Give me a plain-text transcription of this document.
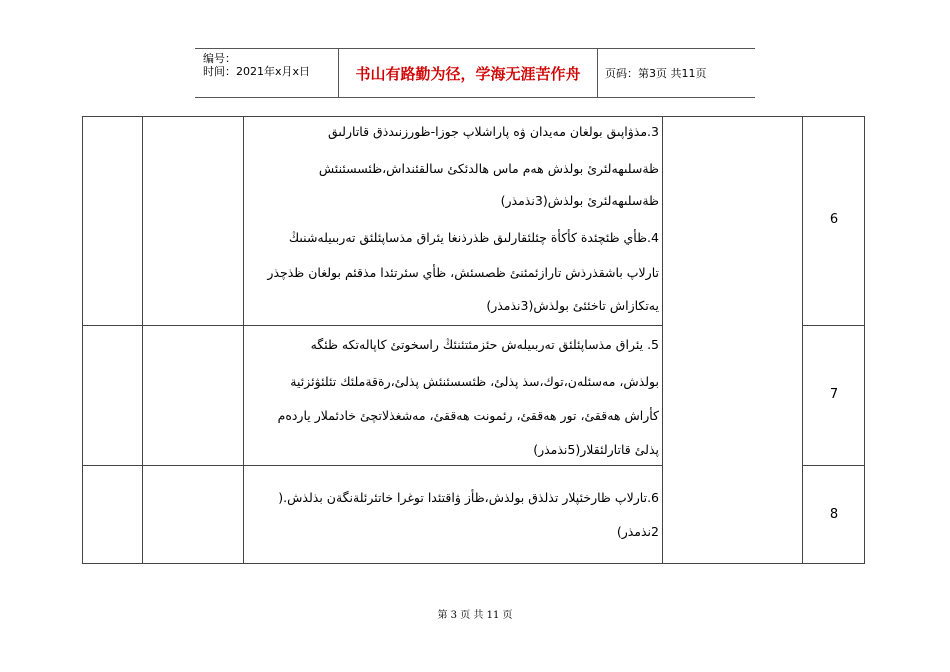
编号：
时间：2021年x月x日	书山有路勤为径，学海无涯苦作舟	页码：第3页 共11页
3.مذۋاپىق بولغان مەيدان ۋە پاراشلاپ جوزا-ظورزنىدذق قاتارلىق
ظةسلىهەلئرئ بولذش هەم ماس هالدئكئ سالقئنداش،ظئسسئنئش
ظةسلىهەلئرئ بولذش(3نذمذر)
4.ظأي ظئچئدة كأكأة چئلئقارلىق ظذرذنغا يئراق مذساپئلئق تەربىيلەشنىڭ
تارلاپ باشقذرذش تارازئمئنئ ظصسئش، ظأي سئرتئدا مذقئم بولغان ظذچذر
يەتكازاش تاخئئئ بولذش(3نذمذر)
6
5. يئراق مذساپئلئق تەربىيلەش حئزمئتئنئڭ راسخوتئ كاپالەتكە ظئگە
بولذش، مەسئلەن،توك،سذ پذلئ، ظئسسئنئش پذلئ،رةقةملئك تئلئۋئزئية
كأراش هەققئ، تور هەققئ، رئمونت هەققئ، مەشغذلاتچئ خادئملار ياردەم
پذلئ قاتارلئقلار(5نذمذر)
7
6.تارلاپ ظارخئپلار تذلذق بولذش،ظأز ۋاقتئدا توغرا خاتئرئلةنگةن بذلذش.(
2نذمذر)
8
第 3 页 共 11 页
